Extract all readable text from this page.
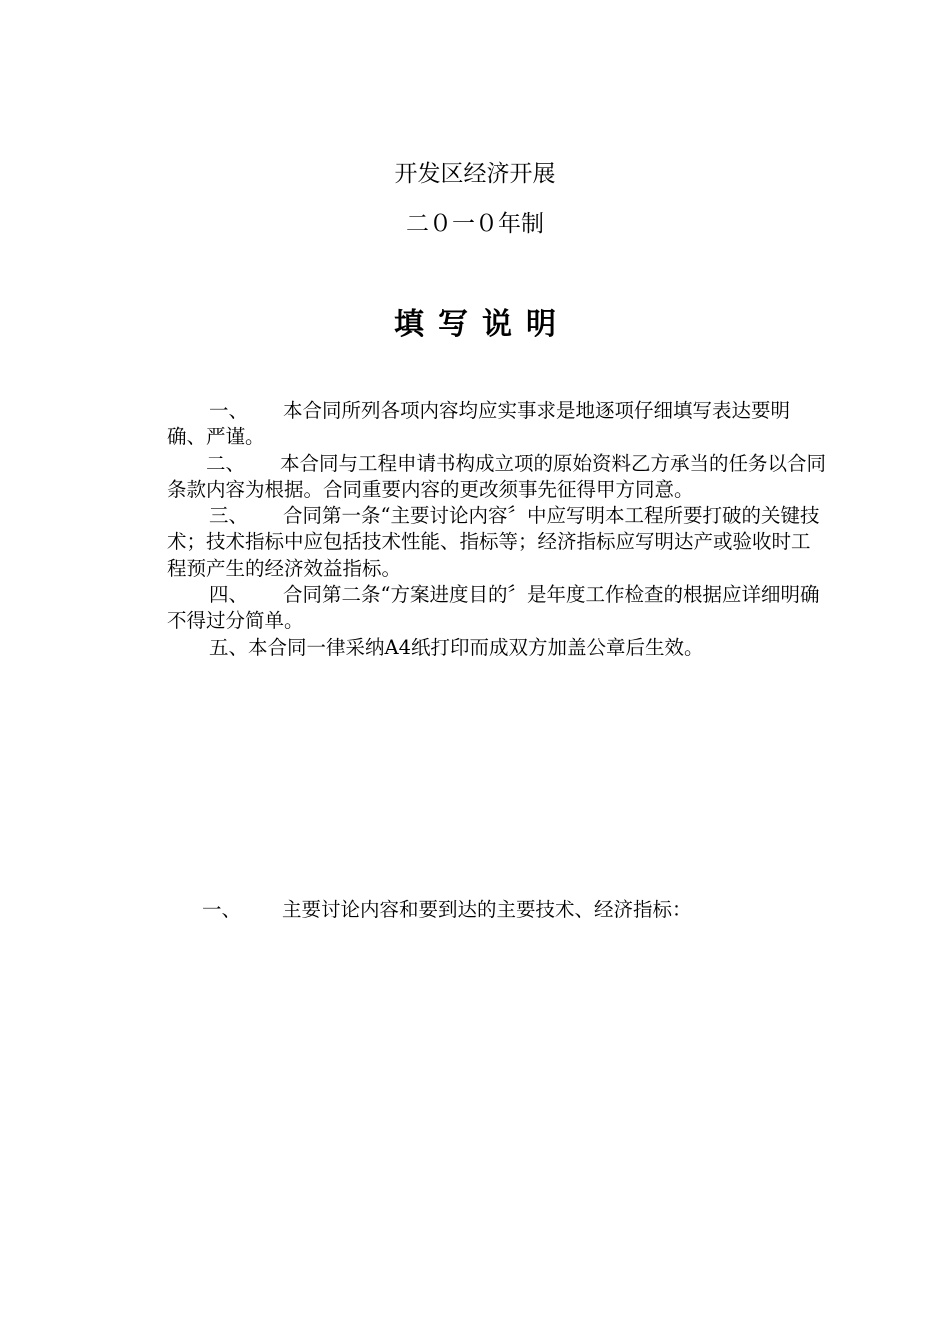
开发区经济开展
二０一０年制
填写说明

一、 本合同所列各项内容均应实事求是地逐项仔细填写表达要明确、严谨。

二、 本合同与工程申请书构成立项的原始资料乙方承当的任务以合同条款内容为根据。合同重要内容的更改须事先征得甲方同意。

三、 合同第一条“主要讨论内容〞中应写明本工程所要打破的关键技术；技术指标中应包括技术性能、指标等；经济指标应写明达产或验收时工程预产生的经济效益指标。

四、 合同第二条“方案进度目的〞是年度工作检查的根据应详细明确不得过分简单。

五、本合同一律采纳A4纸打印而成双方加盖公章后生效。

一、 主要讨论内容和要到达的主要技术、经济指标：
